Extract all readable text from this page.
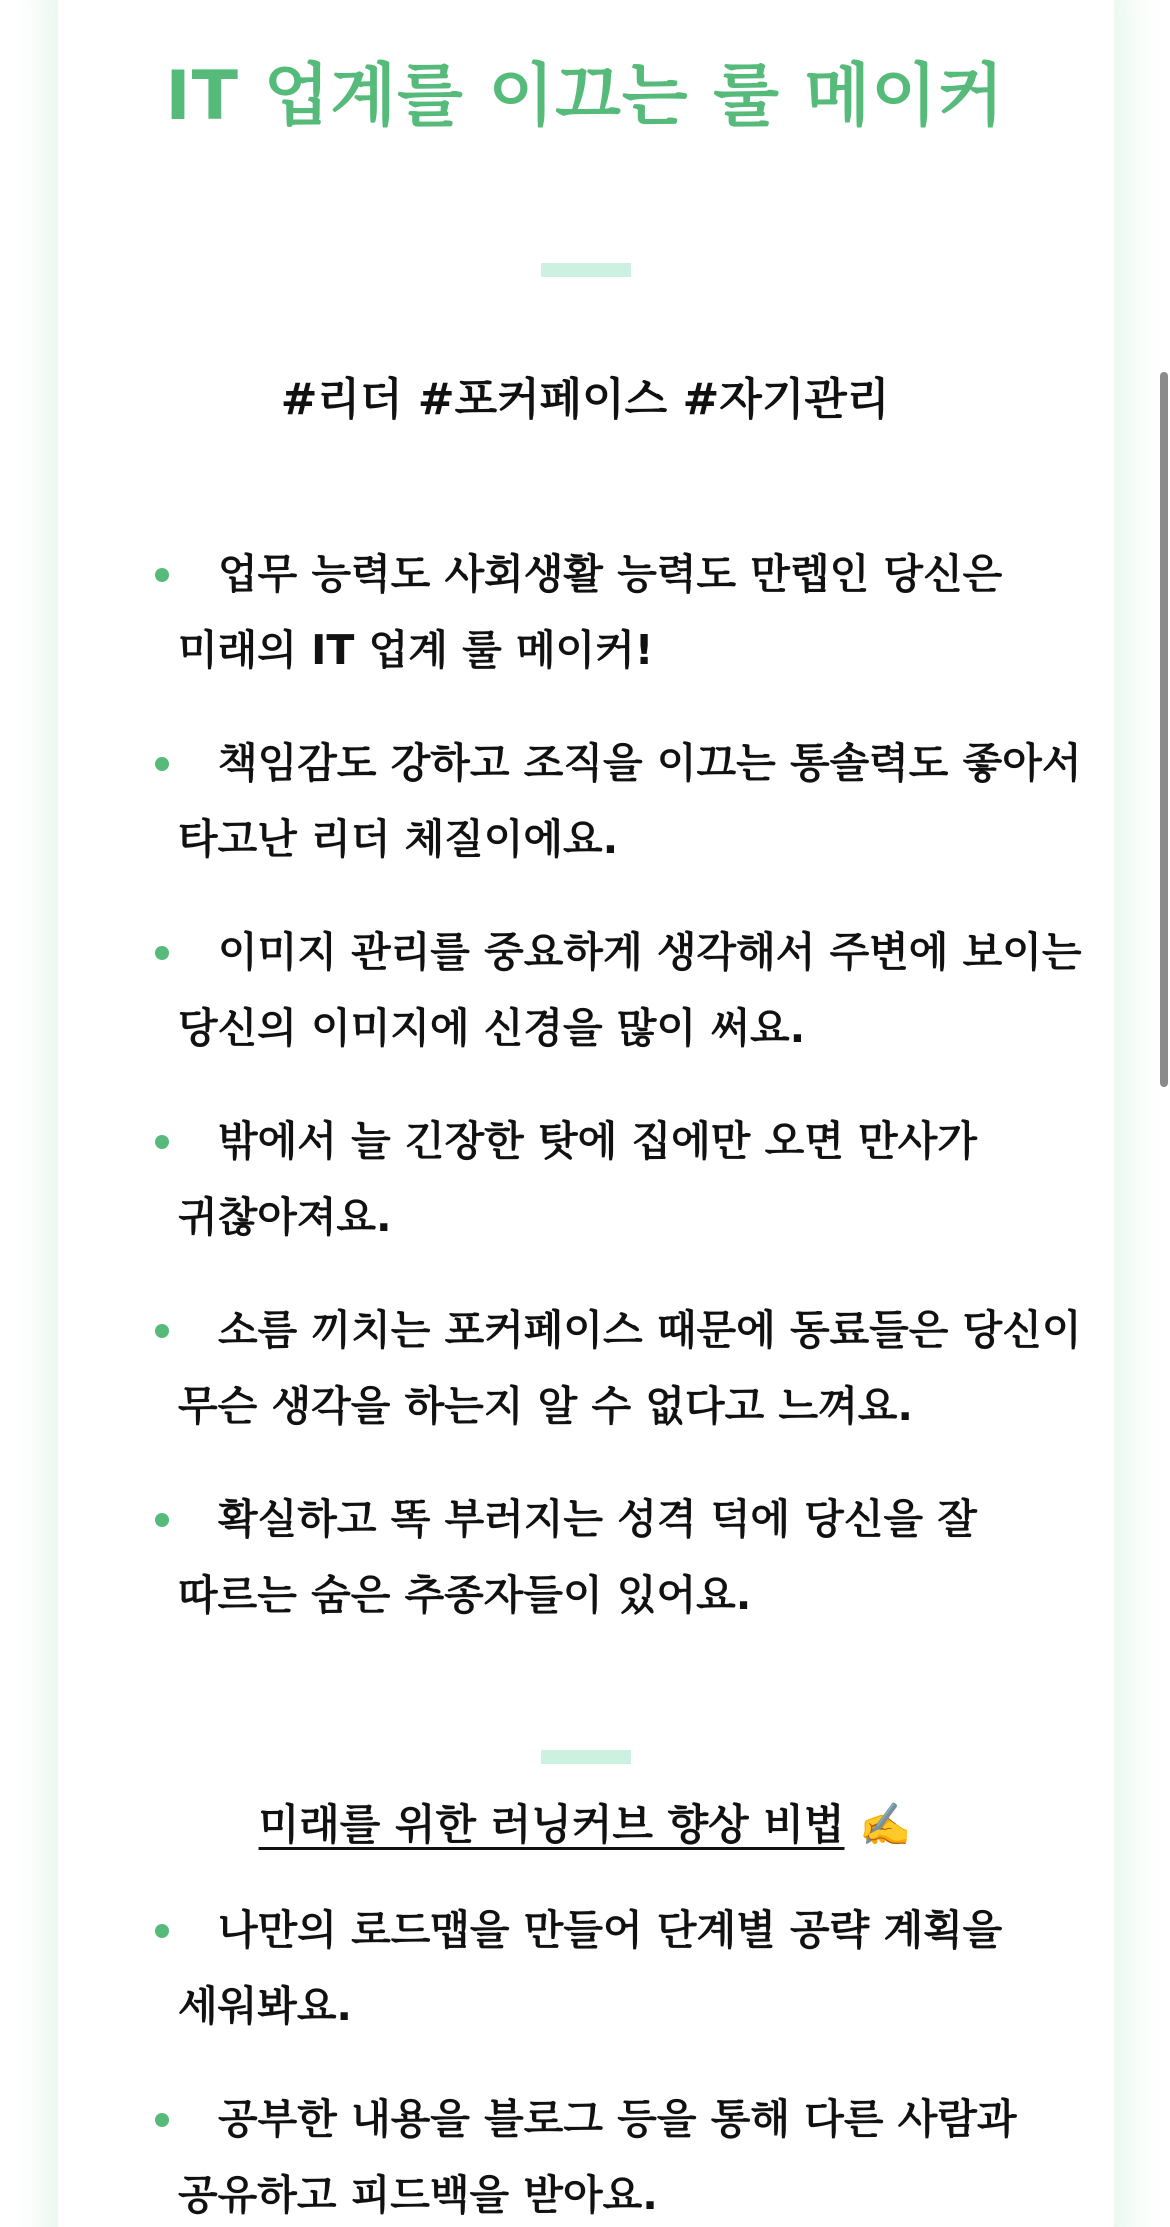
IT 업계를 이끄는 룰 메이커
#리더 #포커페이스 #자기관리
업무 능력도 사회생활 능력도 만렙인 당신은
미래의 IT 업계 룰 메이커!
책임감도 강하고 조직을 이끄는 통솔력도 좋아서
타고난 리더 체질이에요.
이미지 관리를 중요하게 생각해서 주변에 보이는
당신의 이미지에 신경을 많이 써요.
밖에서 늘 긴장한 탓에 집에만 오면 만사가
귀찮아져요.
소름 끼치는 포커페이스 때문에 동료들은 당신이
무슨 생각을 하는지 알 수 없다고 느껴요.
확실하고 똑 부러지는 성격 덕에 당신을 잘
따르는 숨은 추종자들이 있어요.
미래를 위한 러닝커브 향상 비법 ✍️
나만의 로드맵을 만들어 단계별 공략 계획을
세워봐요.
공부한 내용을 블로그 등을 통해 다른 사람과
공유하고 피드백을 받아요.
